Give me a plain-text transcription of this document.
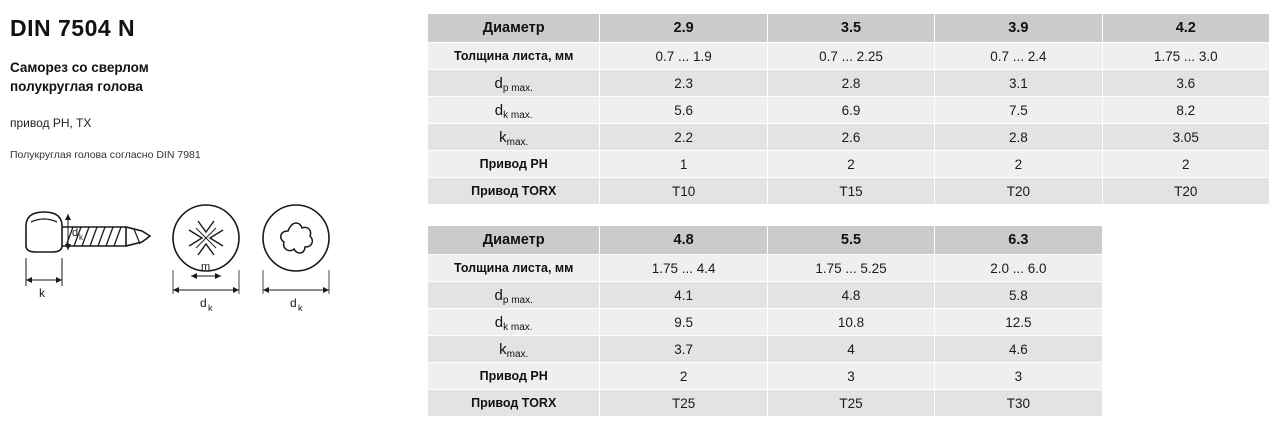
DIN 7504 N
Саморез со сверлом
полукруглая голова
привод PH, TX
Полукруглая голова согласно DIN 7981
k
d k
m
d k	d k
Диаметр	2.9	3.5	3.9	4.2
Толщина листа, мм	0.7 ... 1.9	0.7 ... 2.25	0.7 ... 2.4	1.75 ... 3.0
$d_{p max.}$	2.3	2.8	3.1	3.6
$d_{k max.}$	5.6	6.9	7.5	8.2
$k_{max.}$	2.2	2.6	2.8	3.05
Привод PH	1	2	2	2
Привод TORX	T10	T15	T20	T20
Диаметр	4.8	5.5	6.3	
Толщина листа, мм	1.75 ... 4.4	1.75 ... 5.25	2.0 ... 6.0	
$d_{p max.}$	4.1	4.8	5.8	
$d_{k max.}$	9.5	10.8	12.5	
$k_{max.}$	3.7	4	4.6	
Привод PH	2	3	3	
Привод TORX	T25	T25	T30	
